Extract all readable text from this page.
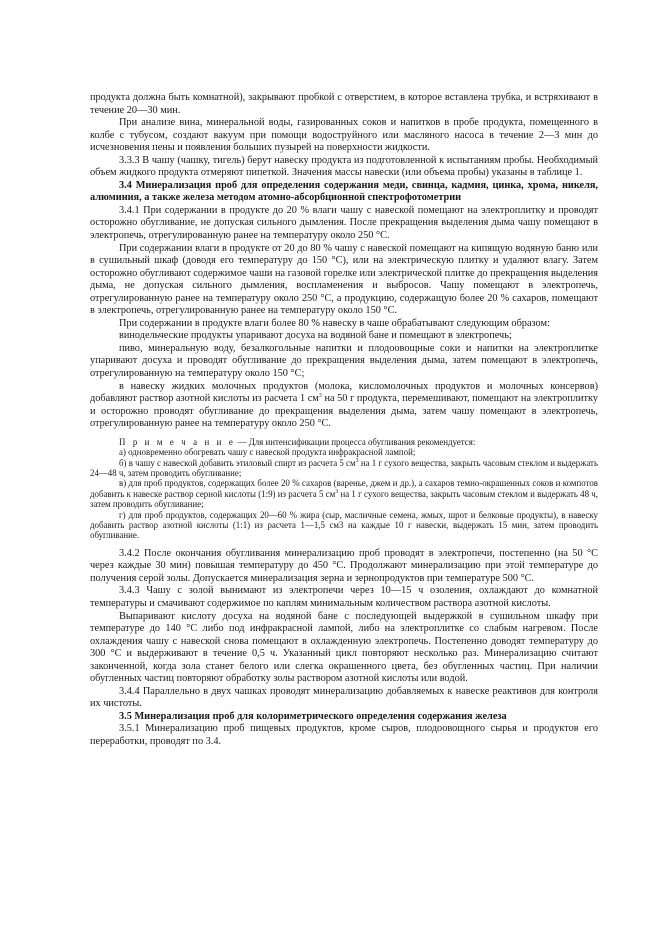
продукта должна быть комнатной), закрывают пробкой с отверстием, в которое вставлена трубка, и встряхивают в течение 20—30 мин.

При анализе вина, минеральной воды, газированных соков и напитков в пробе продукта, помещенного в колбе с тубусом, создают вакуум при помощи водоструйного или масляного насоса в течение 2—3 мин до исчезновения пены и появления больших пузырей на поверхности жидкости.

3.3.3 В чашу (чашку, тигель) берут навеску продукта из подготовленной к испытаниям пробы. Необходимый объем жидкого продукта отмеряют пипеткой. Значения массы навески (или объема пробы) указаны в таблице 1.

3.4 Минерализация проб для определения содержания меди, свинца, кадмия, цинка, хрома, никеля, алюминия, а также железа методом атомно-абсорбционной спектрофотометрии

3.4.1 При содержании в продукте до 20 % влаги чашу с навеской помещают на электроплитку и проводят осторожно обугливание, не допуская сильного дымления. После прекращения выделения дыма чашу помещают в электропечь, отрегулированную ранее на температуру около 250 °С.

При содержании влаги в продукте от 20 до 80 % чашу с навеской помещают на кипящую водяную баню или в сушильный шкаф (доводя его температуру до 150 °С), или на электрическую плитку и удаляют влагу. Затем осторожно обугливают содержимое чаши на газовой горелке или электрической плитке до прекращения выделения дыма, не допуская сильного дымления, воспламенения и выбросов. Чашу помещают в электропечь, отрегулированную ранее на температуру около 250 °С, а продукцию, содержащую более 20 % сахаров, помещают в электропечь, отрегулированную ранее на температуру около 150 °С.

При содержании в продукте влаги более 80 % навеску в чаше обрабатывают следующим образом:

винодельческие продукты упаривают досуха на водяной бане и помещают в электропечь;

пиво, минеральную воду, безалкогольные напитки и плодоовощные соки и напитки на электроплитке упаривают досуха и проводят обугливание до прекращения выделения дыма, затем помещают в электропечь, отрегулированную на температуру около 150 °С;

в навеску жидких молочных продуктов (молока, кисломолочных продуктов и молочных консервов) добавляют раствор азотной кислоты из расчета 1 $см^3$ на 50 г продукта, перемешивают, помещают на электроплитку и осторожно проводят обугливание до прекращения выделения дыма, затем чашу помещают в электропечь, отрегулированную ранее на температуру около 250 °С.

П р и м е ч а н и е — Для интенсификации процесса обугливания рекомендуется:

а) одновременно обогревать чашу с навеской продукта инфракрасной лампой;

б) в чашу с навеской добавить этиловый спирт из расчета 5 $см^3$ на 1 г сухого вещества, закрыть часовым стеклом и выдержать 24—48 ч, затем проводить обугливание;

в) для проб продуктов, содержащих более 20 % сахаров (варенье, джем и др.), а сахаров темно-окрашенных соков и компотов добавить к навеске раствор серной кислоты (1:9) из расчета 5 $см^3$ на 1 г сухого вещества, закрыть часовым стеклом и выдержать 48 ч, затем проводить обугливание;

г) для проб продуктов, содержащих 20—60 % жира (сыр, масличные семена, жмых, шрот и белковые продукты), в навеску добавить раствор азотной кислоты (1:1) из расчета 1—1,5 см3 на каждые 10 г навески, выдержать 15 мин, затем проводить обугливание.

3.4.2 После окончания обугливания минерализацию проб проводят в электропечи, постепенно (на 50 °С через каждые 30 мин) повышая температуру до 450 °С. Продолжают минерализацию при этой температуре до получения серой золы. Допускается минерализация зерна и зернопродуктов при температуре 500 °С.

3.4.3 Чашу с золой вынимают из электропечи через 10—15 ч озоления, охлаждают до комнатной температуры и смачивают содержимое по каплям минимальным количеством раствора азотной кислоты.

Выпаривают кислоту досуха на водяной бане с последующей выдержкой в сушильном шкафу при температуре до 140 °С либо под инфракрасной лампой, либо на электроплитке со слабым нагревом. После охлаждения чашу с навеской снова помещают в охлажденную электропечь. Постепенно доводят температуру до 300 °С и выдерживают в течение 0,5 ч. Указанный цикл повторяют несколько раз. Минерализацию считают законченной, когда зола станет белого или слегка окрашенного цвета, без обугленных частиц. При наличии обугленных частиц повторяют обработку золы раствором азотной кислоты или водой.

3.4.4 Параллельно в двух чашках проводят минерализацию добавляемых к навеске реактивов для контроля их чистоты.

3.5 Минерализация проб для колориметрического определения содержания железа

3.5.1 Минерализацию проб пищевых продуктов, кроме сыров, плодоовощного сырья и продуктов его переработки, проводят по 3.4.
